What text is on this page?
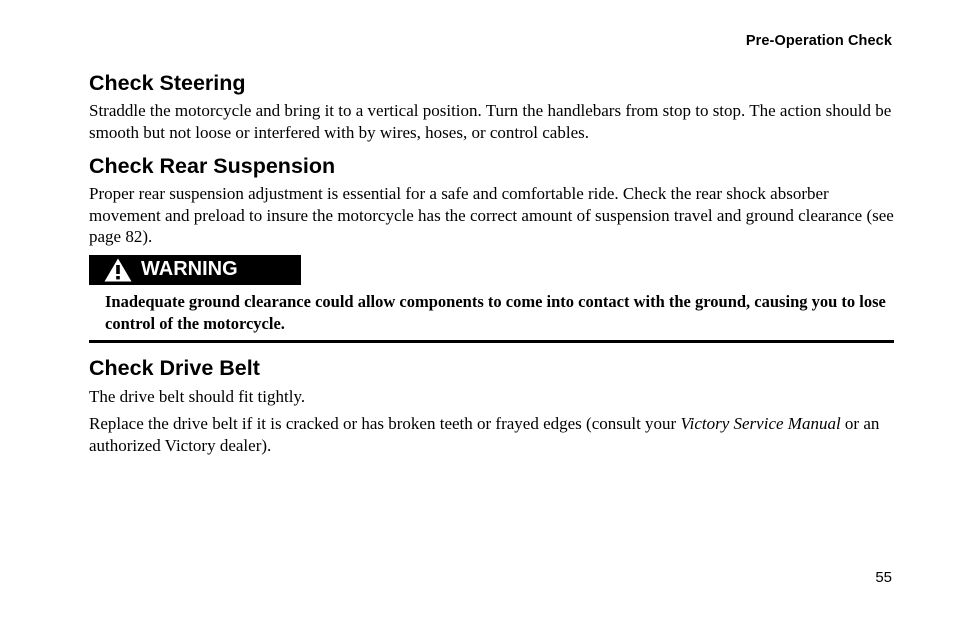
Pre-Operation Check
Check Steering

Straddle the motorcycle and bring it to a vertical position. Turn the handlebars from stop to stop. The action should be smooth but not loose or interfered with by wires, hoses, or control cables.

Check Rear Suspension

Proper rear suspension adjustment is essential for a safe and comfortable ride. Check the rear shock absorber movement and preload to insure the motorcycle has the correct amount of suspension travel and ground clearance (see page 82).

WARNING
Inadequate ground clearance could allow components to come into contact with the ground, causing you to lose control of the motorcycle.
Check Drive Belt

The drive belt should fit tightly.

Replace the drive belt if it is cracked or has broken teeth or frayed edges (consult your Victory Service Manual or an authorized Victory dealer).

55
